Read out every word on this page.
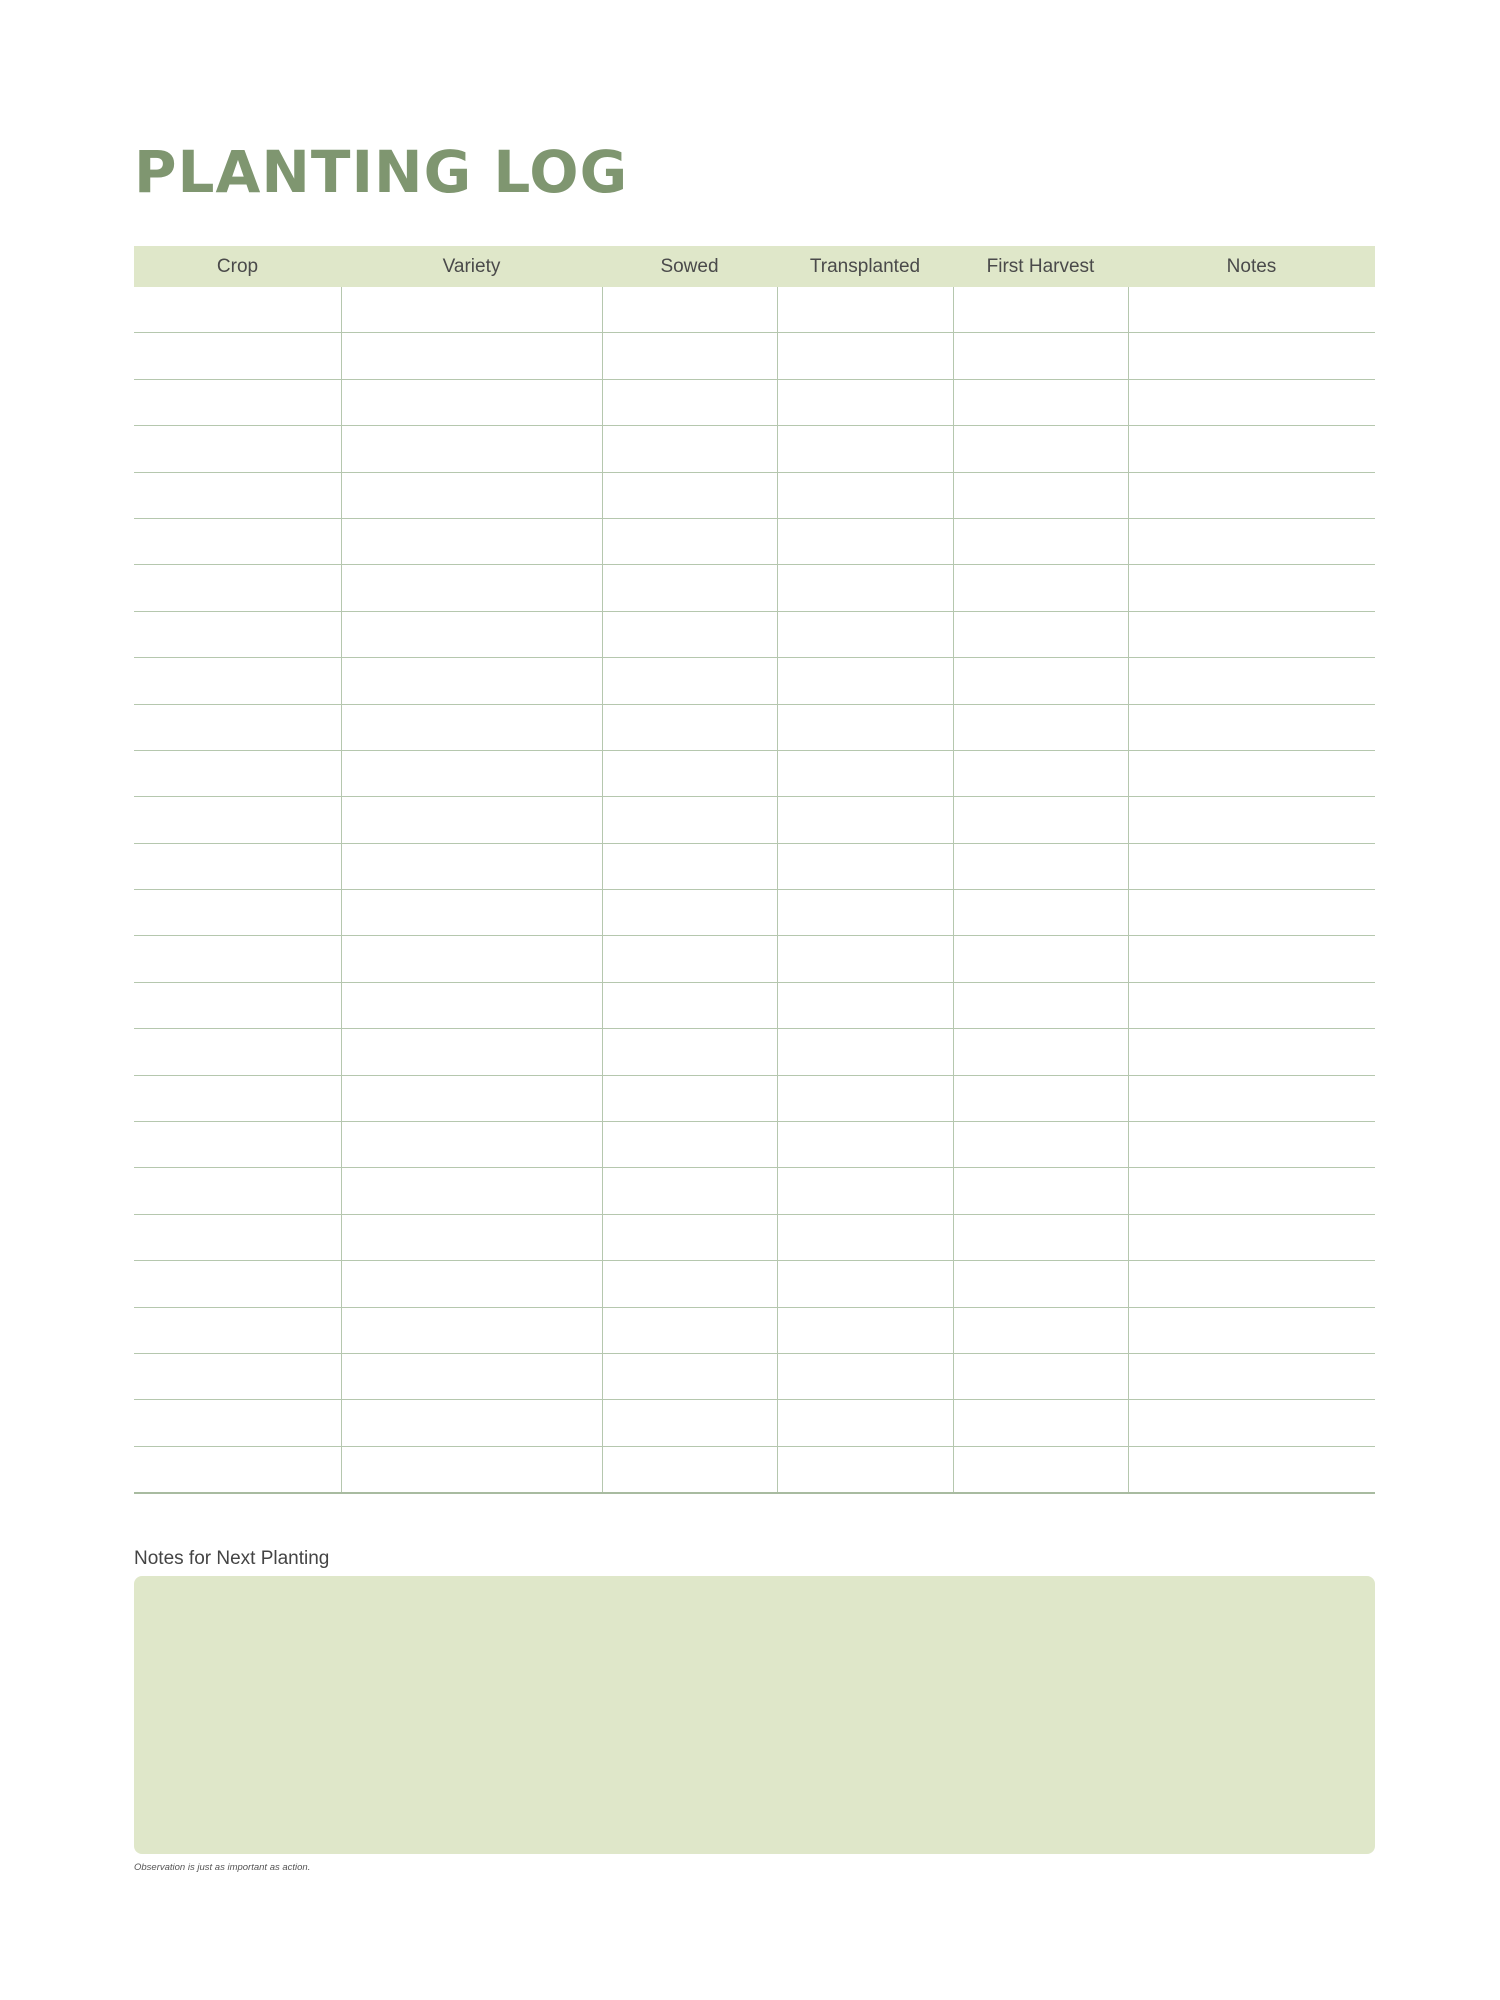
PLANTING LOG
Crop	Variety	Sowed	Transplanted	First Harvest	Notes

Notes for Next Planting
Observation is just as important as action.
